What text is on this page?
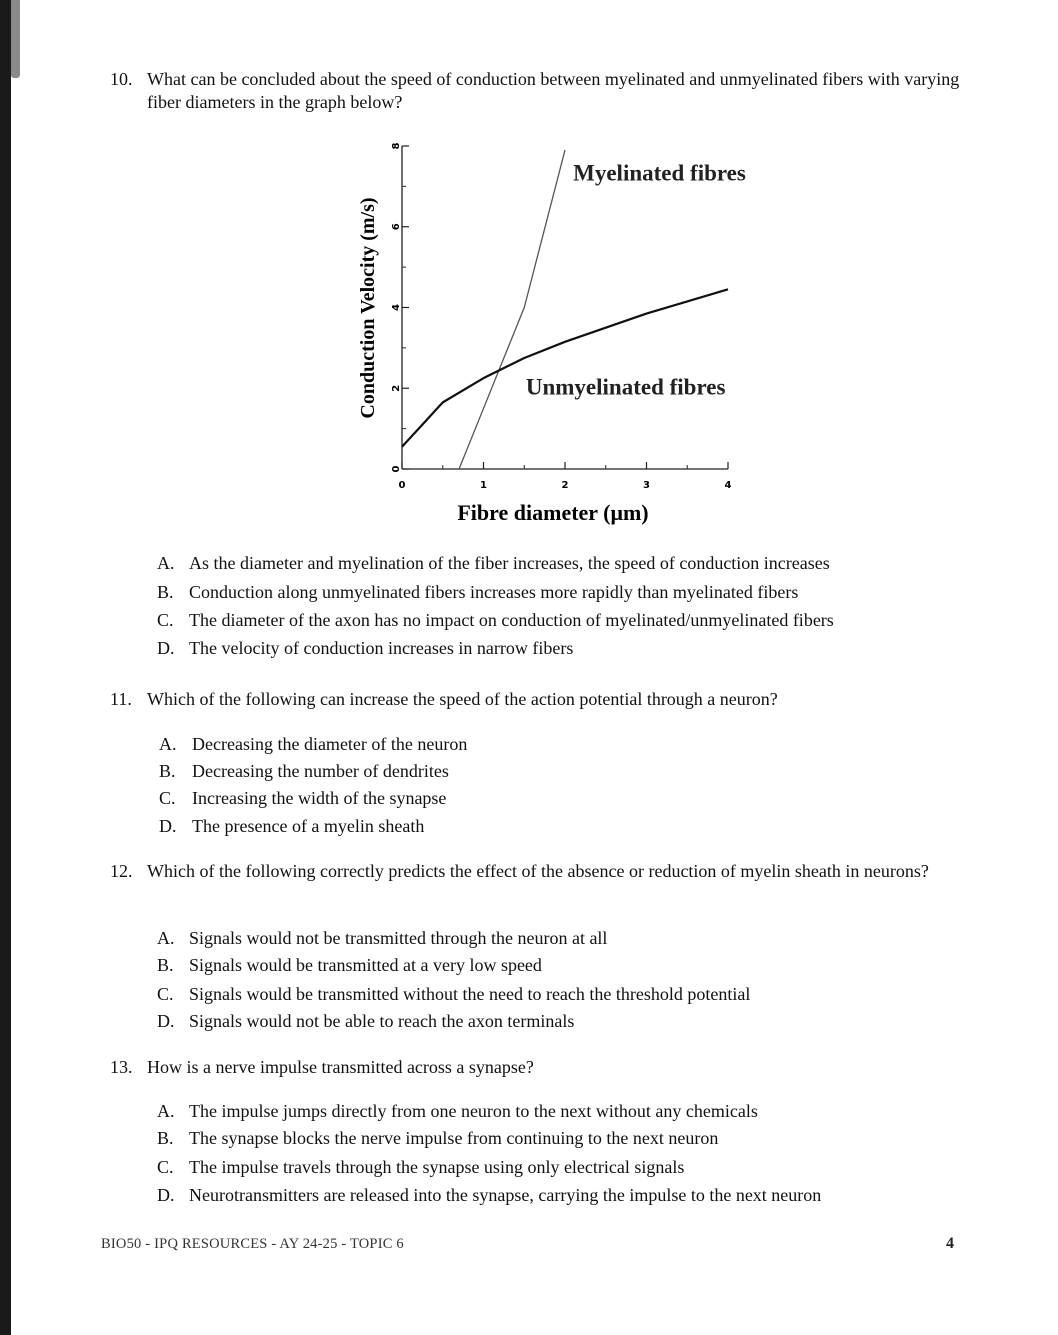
10. What can be concluded about the speed of conduction between myelinated and unmyelinated fibers with varying fiber diameters in the graph below?
0
2
4
6
8
0	1	2	3	4
Myelinated fibres
Unmyelinated fibres
Conduction Velocity (m/s)
Fibre diameter (μm)
A. As the diameter and myelination of the fiber increases, the speed of conduction increases
B. Conduction along unmyelinated fibers increases more rapidly than myelinated fibers
C. The diameter of the axon has no impact on conduction of myelinated/unmyelinated fibers
D. The velocity of conduction increases in narrow fibers
11. Which of the following can increase the speed of the action potential through a neuron?
A. Decreasing the diameter of the neuron
B. Decreasing the number of dendrites
C. Increasing the width of the synapse
D. The presence of a myelin sheath
12. Which of the following correctly predicts the effect of the absence or reduction of myelin sheath in neurons?
A. Signals would not be transmitted through the neuron at all
B. Signals would be transmitted at a very low speed
C. Signals would be transmitted without the need to reach the threshold potential
D. Signals would not be able to reach the axon terminals
13. How is a nerve impulse transmitted across a synapse?
A. The impulse jumps directly from one neuron to the next without any chemicals
B. The synapse blocks the nerve impulse from continuing to the next neuron
C. The impulse travels through the synapse using only electrical signals
D. Neurotransmitters are released into the synapse, carrying the impulse to the next neuron
BIO50 - IPQ RESOURCES - AY 24-25 - TOPIC 6	4
